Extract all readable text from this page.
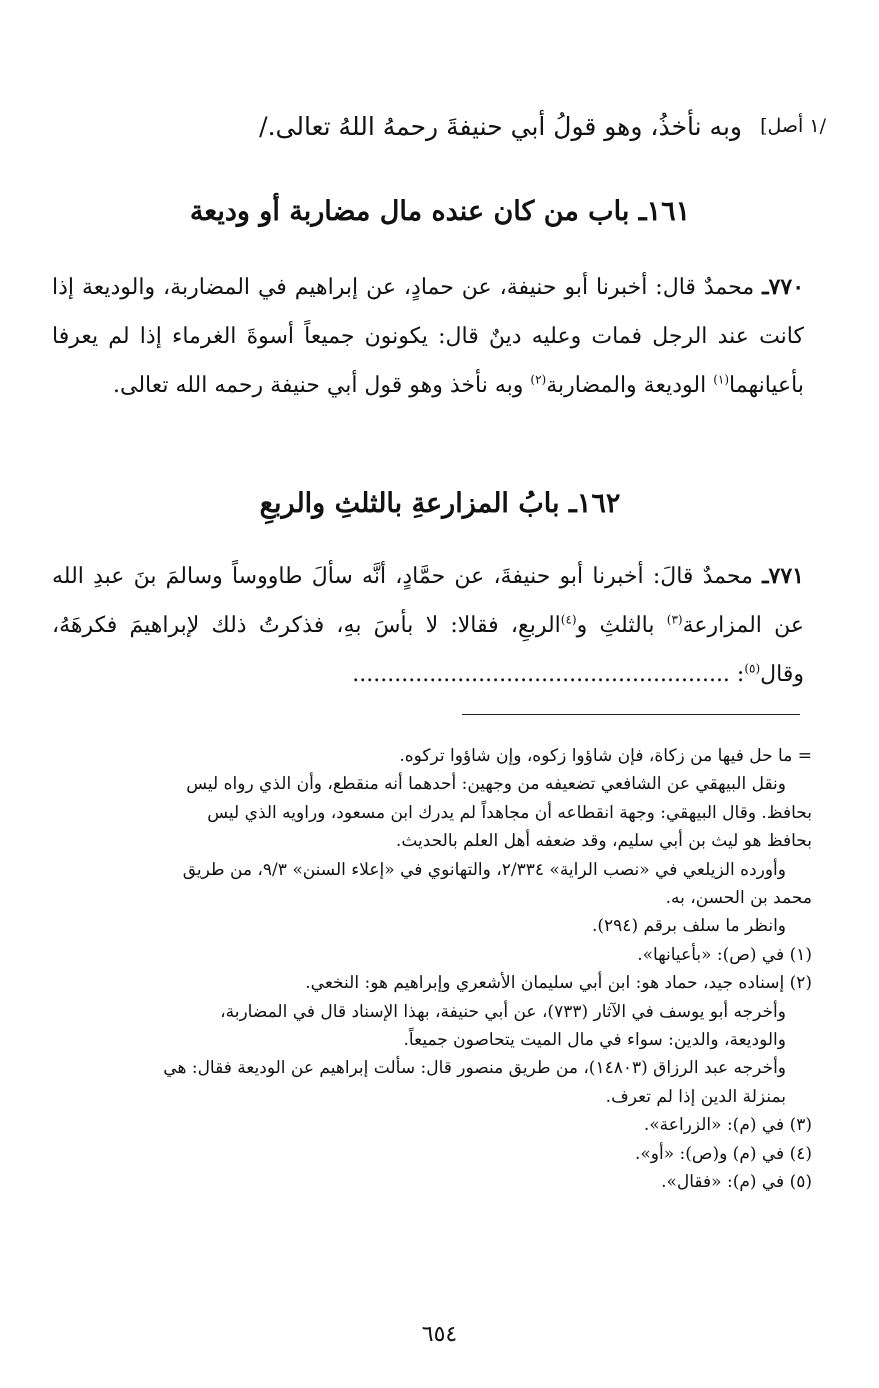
/١ أصل]
وبه نأخذُ، وهو قولُ أبي حنيفةَ رحمهُ اللهُ تعالى./
١٦١ـ باب من كان عنده مال مضاربة أو وديعة

٧٧٠ـ محمدٌ قال: أخبرنا أبو حنيفة، عن حمادٍ، عن إبراهيم في المضاربة، والوديعة إذا كانت عند الرجل فمات وعليه دينٌ قال: يكونون جميعاً أسوةَ الغرماء إذا لم يعرفا بأعيانهما$^{(١)}$ الوديعة والمضاربة$^{(٢)}$ وبه نأخذ وهو قول أبي حنيفة رحمه الله تعالى.

١٦٢ـ بابُ المزارعةِ بالثلثِ والربعِ

٧٧١ـ محمدٌ قالَ: أخبرنا أبو حنيفةَ، عن حمَّادٍ، أنَّه سألَ طاووساً وسالمَ بنَ عبدِ الله عن المزارعة$^{(٣)}$ بالثلثِ و$^{(٤)}$الربعِ، فقالا: لا بأسَ بهِ، فذكرتُ ذلك لإبراهيمَ فكرهَهُ، وقال$^{(٥)}$: ......................................................

= ما حل فيها من زكاة، فإن شاؤوا زكوه، وإن شاؤوا تركوه.

ونقل البيهقي عن الشافعي تضعيفه من وجهين: أحدهما أنه منقطع، وأن الذي رواه ليس

بحافظ. وقال البيهقي: وجهة انقطاعه أن مجاهداً لم يدرك ابن مسعود، وراويه الذي ليس

بحافظ هو ليث بن أبي سليم، وقد ضعفه أهل العلم بالحديث.

وأورده الزيلعي في «نصب الراية» ٢/٣٣٤، والتهانوي في «إعلاء السنن» ٩/٣، من طريق

محمد بن الحسن، به.

وانظر ما سلف برقم (٢٩٤).

(١) في (ص): «بأعيانها».

(٢) إسناده جيد، حماد هو: ابن أبي سليمان الأشعري وإبراهيم هو: النخعي.

وأخرجه أبو يوسف في الآثار (٧٣٣)، عن أبي حنيفة، بهذا الإسناد قال في المضاربة،

والوديعة، والدين: سواء في مال الميت يتحاصون جميعاً.

وأخرجه عبد الرزاق (١٤٨٠٣)، من طريق منصور قال: سألت إبراهيم عن الوديعة فقال: هي

بمنزلة الدين إذا لم تعرف.

(٣) في (م): «الزراعة».

(٤) في (م) و(ص): «أو».

(٥) في (م): «فقال».

٦٥٤
